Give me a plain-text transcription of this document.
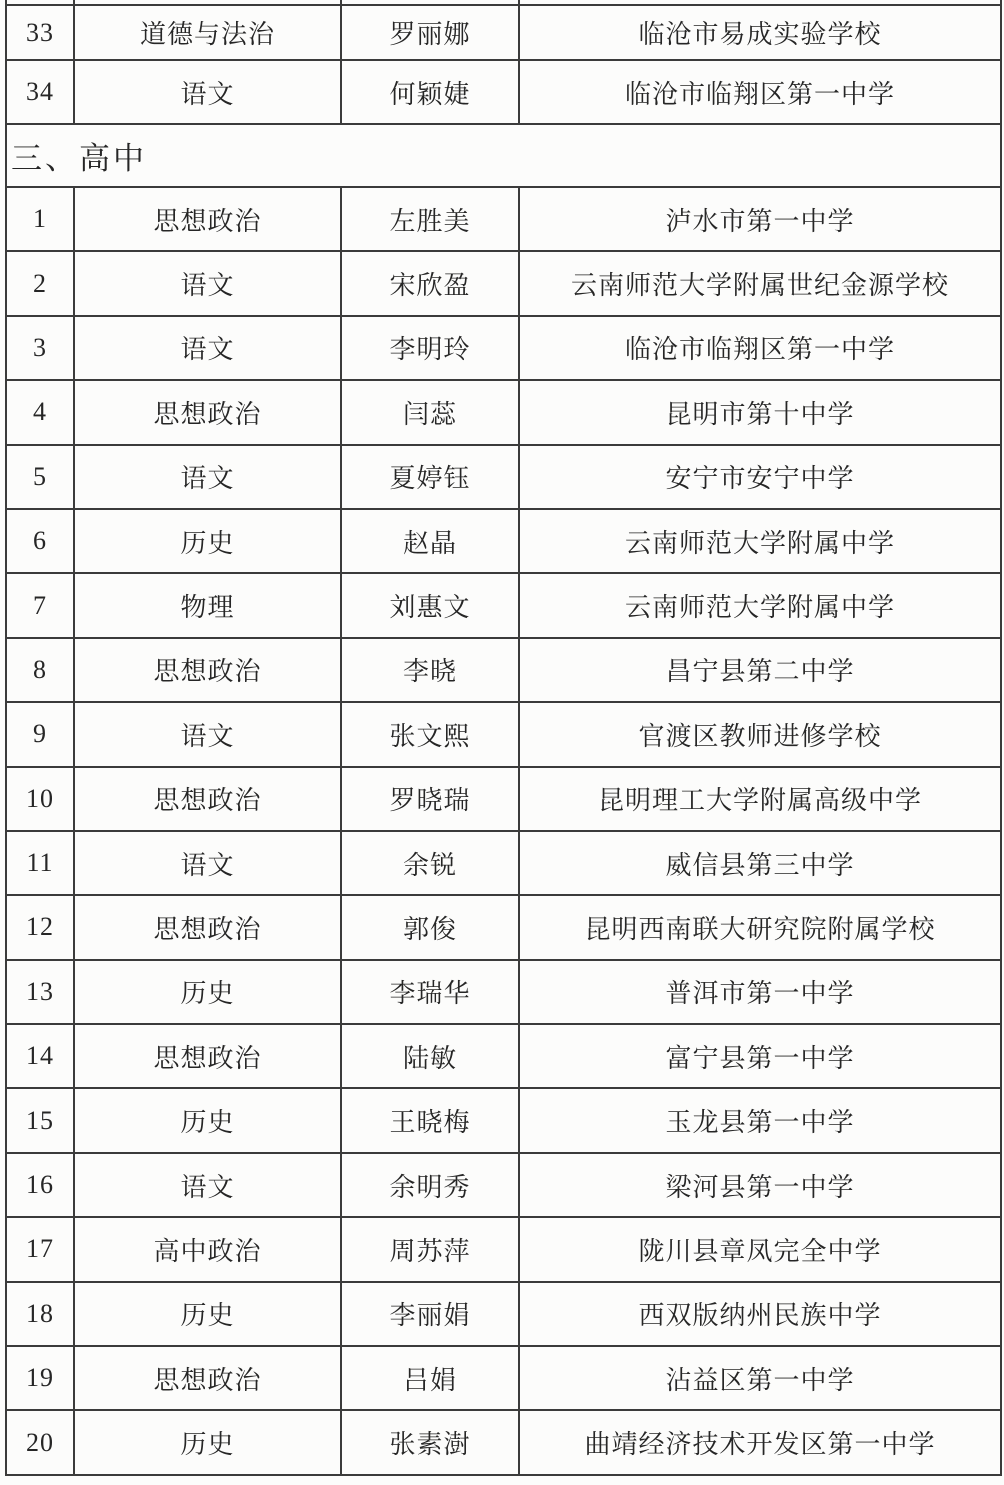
33	道德与法治	罗丽娜	临沧市易成实验学校
34	语文	何颖婕	临沧市临翔区第一中学
三、高中			
1	思想政治	左胜美	泸水市第一中学
2	语文	宋欣盈	云南师范大学附属世纪金源学校
3	语文	李明玲	临沧市临翔区第一中学
4	思想政治	闫蕊	昆明市第十中学
5	语文	夏婷钰	安宁市安宁中学
6	历史	赵晶	云南师范大学附属中学
7	物理	刘惠文	云南师范大学附属中学
8	思想政治	李晓	昌宁县第二中学
9	语文	张文熙	官渡区教师进修学校
10	思想政治	罗晓瑞	昆明理工大学附属高级中学
11	语文	余锐	威信县第三中学
12	思想政治	郭俊	昆明西南联大研究院附属学校
13	历史	李瑞华	普洱市第一中学
14	思想政治	陆敏	富宁县第一中学
15	历史	王晓梅	玉龙县第一中学
16	语文	余明秀	梁河县第一中学
17	高中政治	周苏萍	陇川县章凤完全中学
18	历史	李丽娟	西双版纳州民族中学
19	思想政治	吕娟	沾益区第一中学
20	历史	张素澍	曲靖经济技术开发区第一中学
